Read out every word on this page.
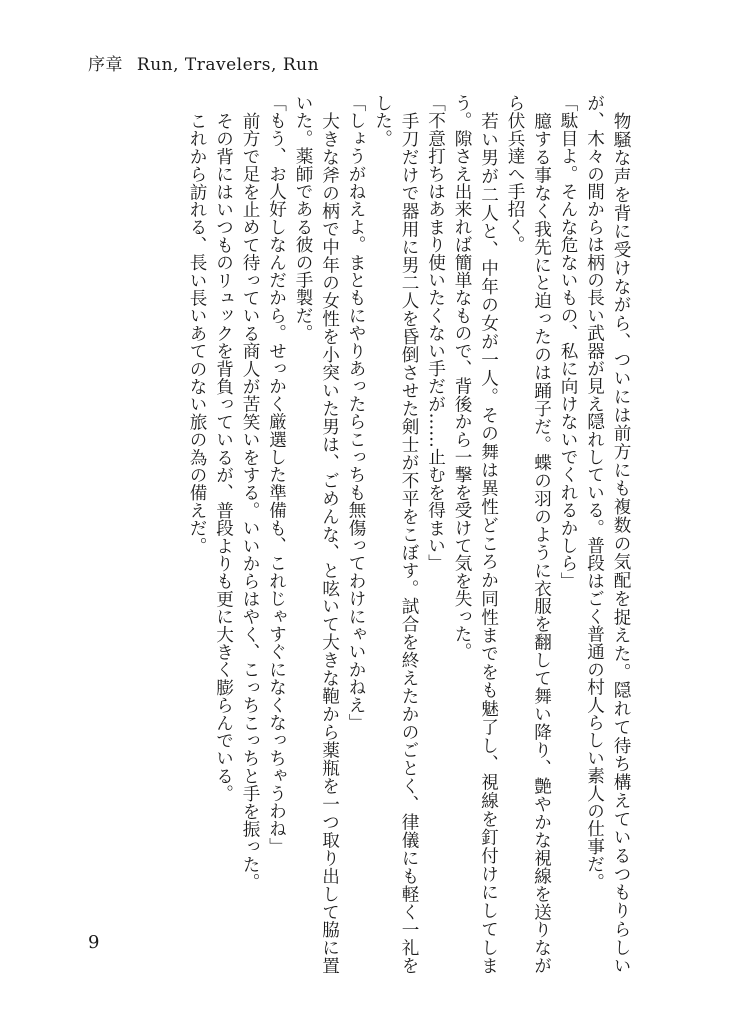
序章 Run, Travelers, Run

物騒な声を背に受けながら、ついには前方にも複数の気配を捉えた。隠れて待ち構えているつもりらしいが、木々の間からは柄の長い武器が見え隠れしている。普段はごく普通の村人らしい素人の仕事だ。

「駄目よ。そんな危ないもの、私に向けないでくれるかしら」

臆する事なく我先にと迫ったのは踊子だ。蝶の羽のように衣服を翻して舞い降り、艶やかな視線を送りながら伏兵達へ手招く。

若い男が二人と、中年の女が一人。その舞は異性どころか同性までをも魅了し、視線を釘付けにしてしまう。隙さえ出来れば簡単なもので、背後から一撃を受けて気を失った。

「不意打ちはあまり使いたくない手だが……止むを得まい」

手刀だけで器用に男二人を昏倒させた剣士が不平をこぼす。試合を終えたかのごとく、律儀にも軽く一礼をした。

「しょうがねえよ。まともにやりあったらこっちも無傷ってわけにゃいかねえ」

大きな斧の柄で中年の女性を小突いた男は、ごめんな、と呟いて大きな鞄から薬瓶を一つ取り出して脇に置いた。薬師である彼の手製だ。

「もう、お人好しなんだから。せっかく厳選した準備も、これじゃすぐになくなっちゃうわね」

前方で足を止めて待っている商人が苦笑いをする。いいからはやく、こっちこっちと手を振った。

その背にはいつものリュックを背負っているが、普段よりも更に大きく膨らんでいる。

これから訪れる、長い長いあてのない旅の為の備えだ。

9
